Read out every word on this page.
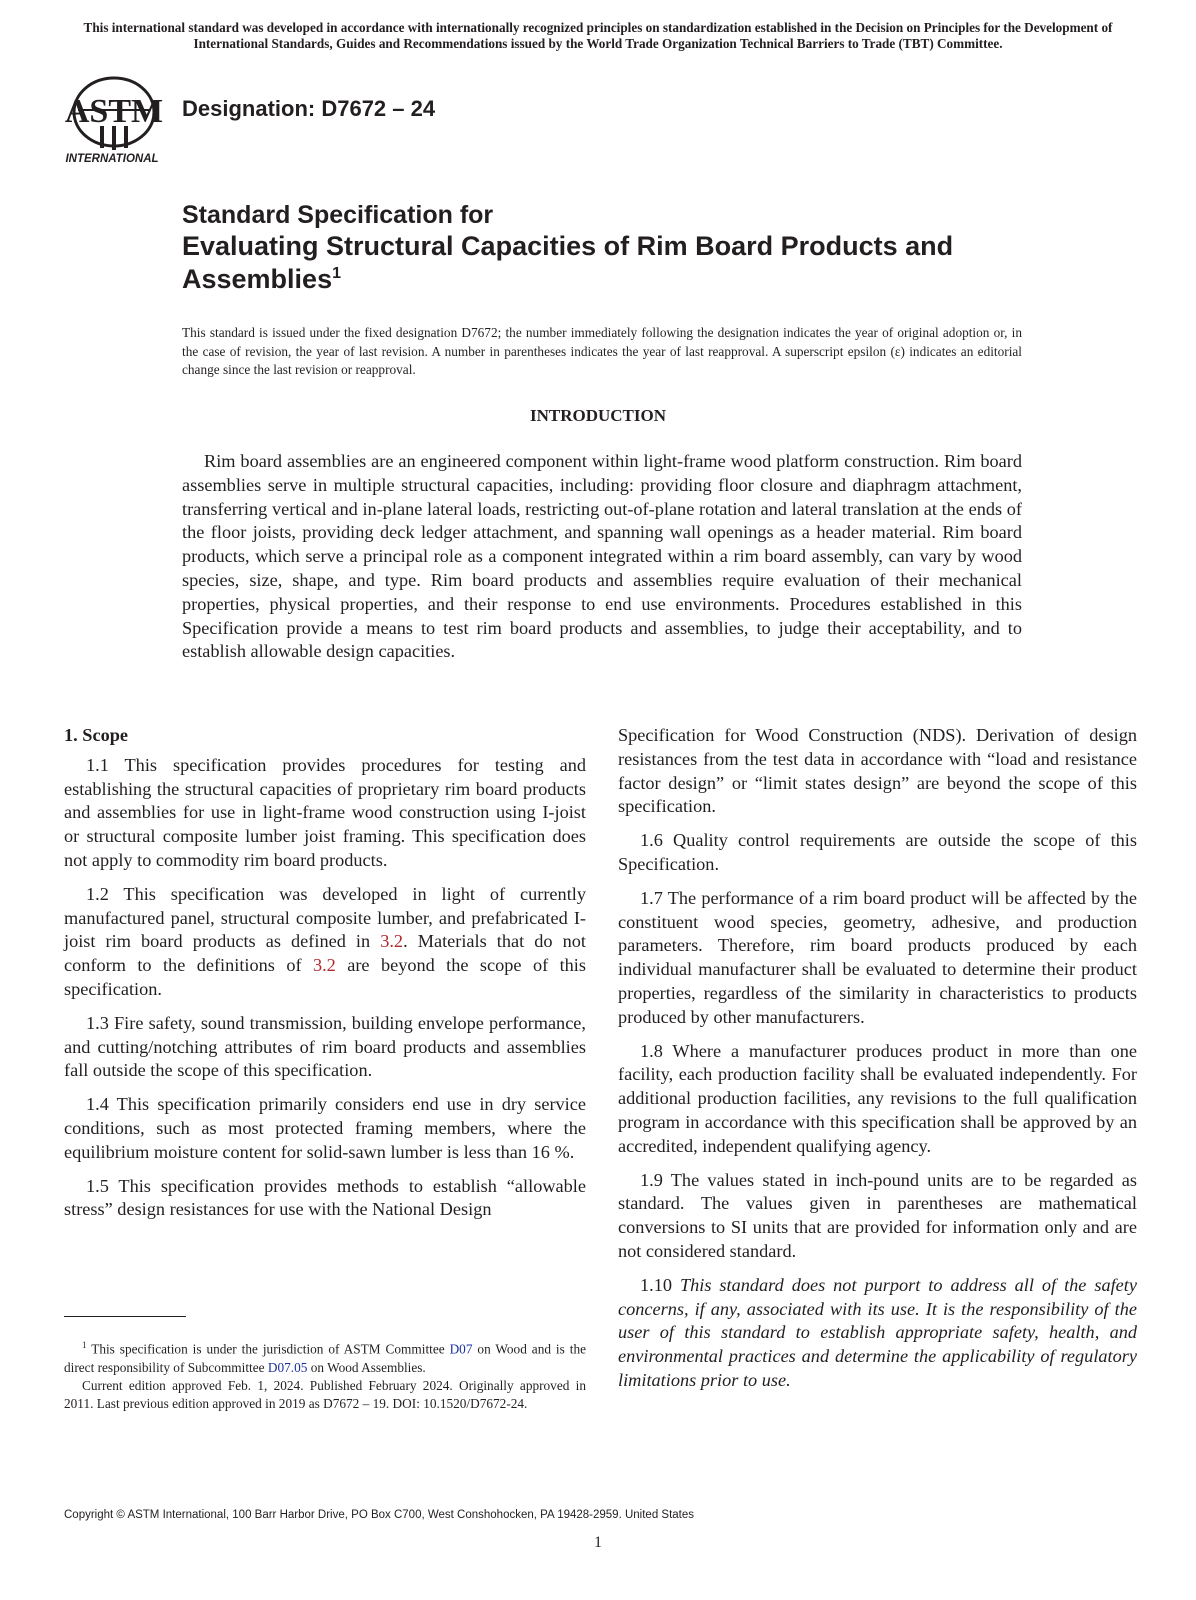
This international standard was developed in accordance with internationally recognized principles on standardization established in the Decision on Principles for the Development of International Standards, Guides and Recommendations issued by the World Trade Organization Technical Barriers to Trade (TBT) Committee.
ASTM
INTERNATIONAL
Designation: D7672 – 24
Standard Specification for
Evaluating Structural Capacities of Rim Board Products and Assemblies$^1$
This standard is issued under the fixed designation D7672; the number immediately following the designation indicates the year of original adoption or, in the case of revision, the year of last revision. A number in parentheses indicates the year of last reapproval. A superscript epsilon (ε) indicates an editorial change since the last revision or reapproval.
INTRODUCTION
Rim board assemblies are an engineered component within light-frame wood platform construction. Rim board assemblies serve in multiple structural capacities, including: providing floor closure and diaphragm attachment, transferring vertical and in-plane lateral loads, restricting out-of-plane rotation and lateral translation at the ends of the floor joists, providing deck ledger attachment, and spanning wall openings as a header material. Rim board products, which serve a principal role as a component integrated within a rim board assembly, can vary by wood species, size, shape, and type. Rim board products and assemblies require evaluation of their mechanical properties, physical properties, and their response to end use environments. Procedures established in this Specification provide a means to test rim board products and assemblies, to judge their acceptability, and to establish allowable design capacities.
1. Scope

1.1 This specification provides procedures for testing and establishing the structural capacities of proprietary rim board products and assemblies for use in light-frame wood construction using I-joist or structural composite lumber joist framing. This specification does not apply to commodity rim board products.

1.2 This specification was developed in light of currently manufactured panel, structural composite lumber, and prefabricated I-joist rim board products as defined in 3.2. Materials that do not conform to the definitions of 3.2 are beyond the scope of this specification.

1.3 Fire safety, sound transmission, building envelope performance, and cutting/notching attributes of rim board products and assemblies fall outside the scope of this specification.

1.4 This specification primarily considers end use in dry service conditions, such as most protected framing members, where the equilibrium moisture content for solid-sawn lumber is less than 16 %.

1.5 This specification provides methods to establish “allowable stress” design resistances for use with the National Design

Specification for Wood Construction (NDS). Derivation of design resistances from the test data in accordance with “load and resistance factor design” or “limit states design” are beyond the scope of this specification.

1.6 Quality control requirements are outside the scope of this Specification.

1.7 The performance of a rim board product will be affected by the constituent wood species, geometry, adhesive, and production parameters. Therefore, rim board products produced by each individual manufacturer shall be evaluated to determine their product properties, regardless of the similarity in characteristics to products produced by other manufacturers.

1.8 Where a manufacturer produces product in more than one facility, each production facility shall be evaluated independently. For additional production facilities, any revisions to the full qualification program in accordance with this specification shall be approved by an accredited, independent qualifying agency.

1.9 The values stated in inch-pound units are to be regarded as standard. The values given in parentheses are mathematical conversions to SI units that are provided for information only and are not considered standard.

1.10 This standard does not purport to address all of the safety concerns, if any, associated with its use. It is the responsibility of the user of this standard to establish appropriate safety, health, and environmental practices and determine the applicability of regulatory limitations prior to use.

$^1$ This specification is under the jurisdiction of ASTM Committee D07 on Wood and is the direct responsibility of Subcommittee D07.05 on Wood Assemblies.

Current edition approved Feb. 1, 2024. Published February 2024. Originally approved in 2011. Last previous edition approved in 2019 as D7672 – 19. DOI: 10.1520/D7672-24.

Copyright © ASTM International, 100 Barr Harbor Drive, PO Box C700, West Conshohocken, PA 19428-2959. United States
1
